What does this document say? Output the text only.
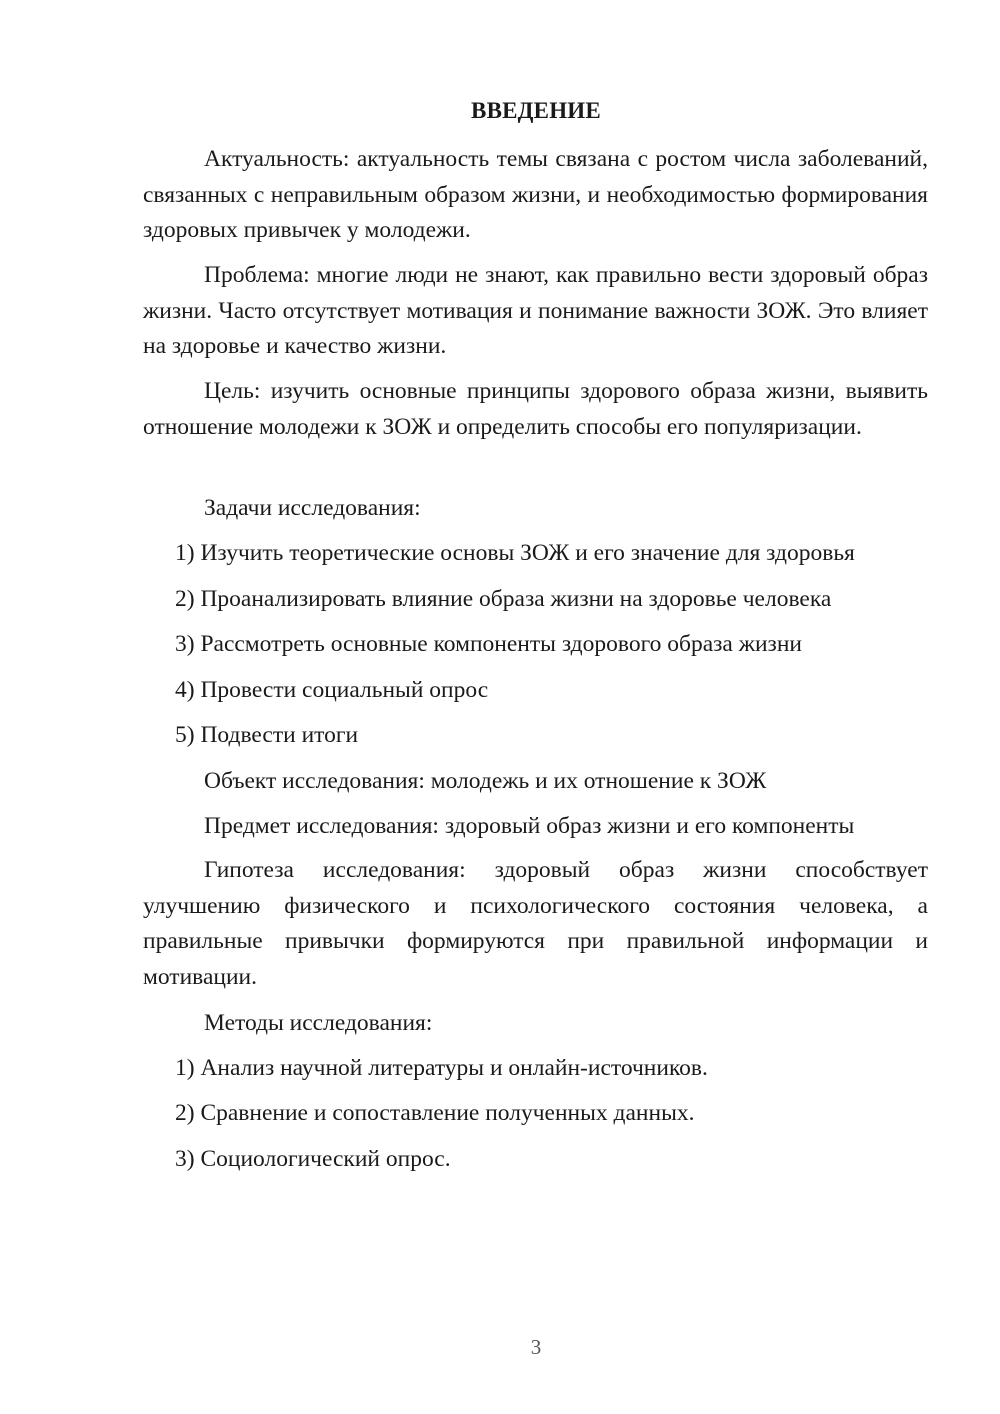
ВВЕДЕНИЕ

Актуальность: актуальность темы связана с ростом числа заболеваний, связанных с неправильным образом жизни, и необходимостью формирования здоровых привычек у молодежи.

Проблема: многие люди не знают, как правильно вести здоровый образ жизни. Часто отсутствует мотивация и понимание важности ЗОЖ. Это влияет на здоровье и качество жизни.

Цель: изучить основные принципы здорового образа жизни, выявить отношение молодежи к ЗОЖ и определить способы его популяризации.

Задачи исследования:

1) Изучить теоретические основы ЗОЖ и его значение для здоровья

2) Проанализировать влияние образа жизни на здоровье человека

3) Рассмотреть основные компоненты здорового образа жизни

4) Провести социальный опрос

5) Подвести итоги

Объект исследования: молодежь и их отношение к ЗОЖ

Предмет исследования: здоровый образ жизни и его компоненты

Гипотеза исследования: здоровый образ жизни способствует улучшению физического и психологического состояния человека, а правильные привычки формируются при правильной информации и мотивации.

Методы исследования:

1) Анализ научной литературы и онлайн-источников.

2) Сравнение и сопоставление полученных данных.

3) Социологический опрос.

3
